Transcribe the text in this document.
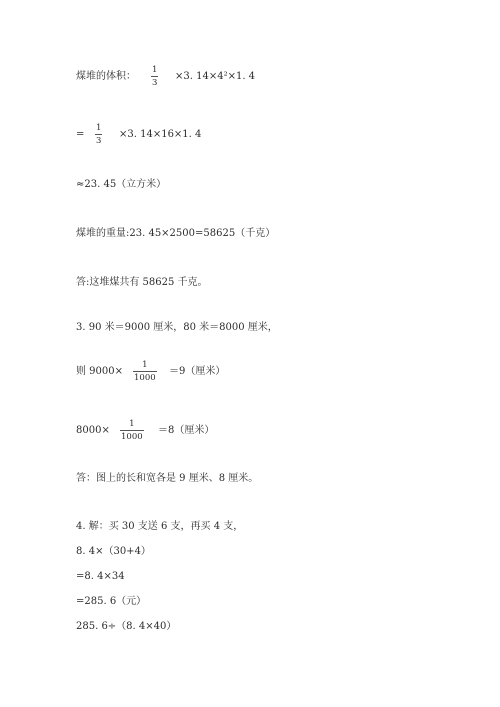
煤堆的体积：
1
3
×3. 14×4²×1. 4
=
1
3
×3. 14×16×1. 4
≈23. 45（立方米）
煤堆的重量:23. 45×2500=58625（千克）
答:这堆煤共有 58625 千克。
3. 90 米＝9000 厘米，80 米＝8000 厘米，
则 9000×
1
1000
＝9（厘米）
8000×
1
1000
＝8（厘米）
答：图上的长和宽各是 9 厘米、8 厘米。
4. 解：买 30 支送 6 支，再买 4 支，
8. 4×（30+4）
=8. 4×34
=285. 6（元）
285. 6÷（8. 4×40）
